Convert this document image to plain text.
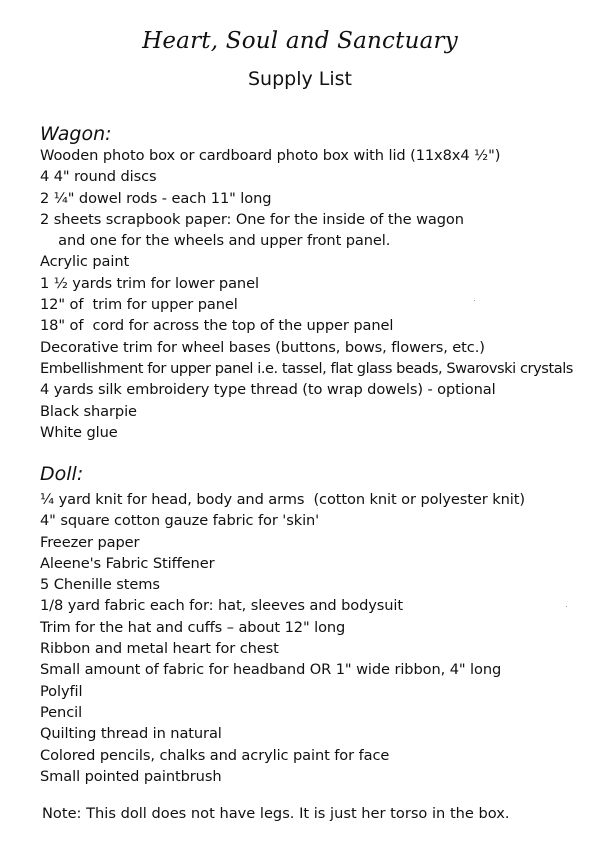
Heart, Soul and Sanctuary
Supply List
Wagon:
Wooden photo box or cardboard photo box with lid (11x8x4 ½")
4 4" round discs
2 ¼" dowel rods - each 11" long
2 sheets scrapbook paper: One for the inside of the wagon
and one for the wheels and upper front panel.
Acrylic paint
1 ½ yards trim for lower panel
12" of  trim for upper panel
18" of  cord for across the top of the upper panel
Decorative trim for wheel bases (buttons, bows, flowers, etc.)
Embellishment for upper panel i.e. tassel, flat glass beads, Swarovski crystals
4 yards silk embroidery type thread (to wrap dowels) - optional
Black sharpie
White glue
Doll:
¼ yard knit for head, body and arms  (cotton knit or polyester knit)
4" square cotton gauze fabric for 'skin'
Freezer paper
Aleene's Fabric Stiffener
5 Chenille stems
1/8 yard fabric each for: hat, sleeves and bodysuit
Trim for the hat and cuffs – about 12" long
Ribbon and metal heart for chest
Small amount of fabric for headband OR 1" wide ribbon, 4" long
Polyfil
Pencil
Quilting thread in natural
Colored pencils, chalks and acrylic paint for face
Small pointed paintbrush
Note: This doll does not have legs. It is just her torso in the box.
